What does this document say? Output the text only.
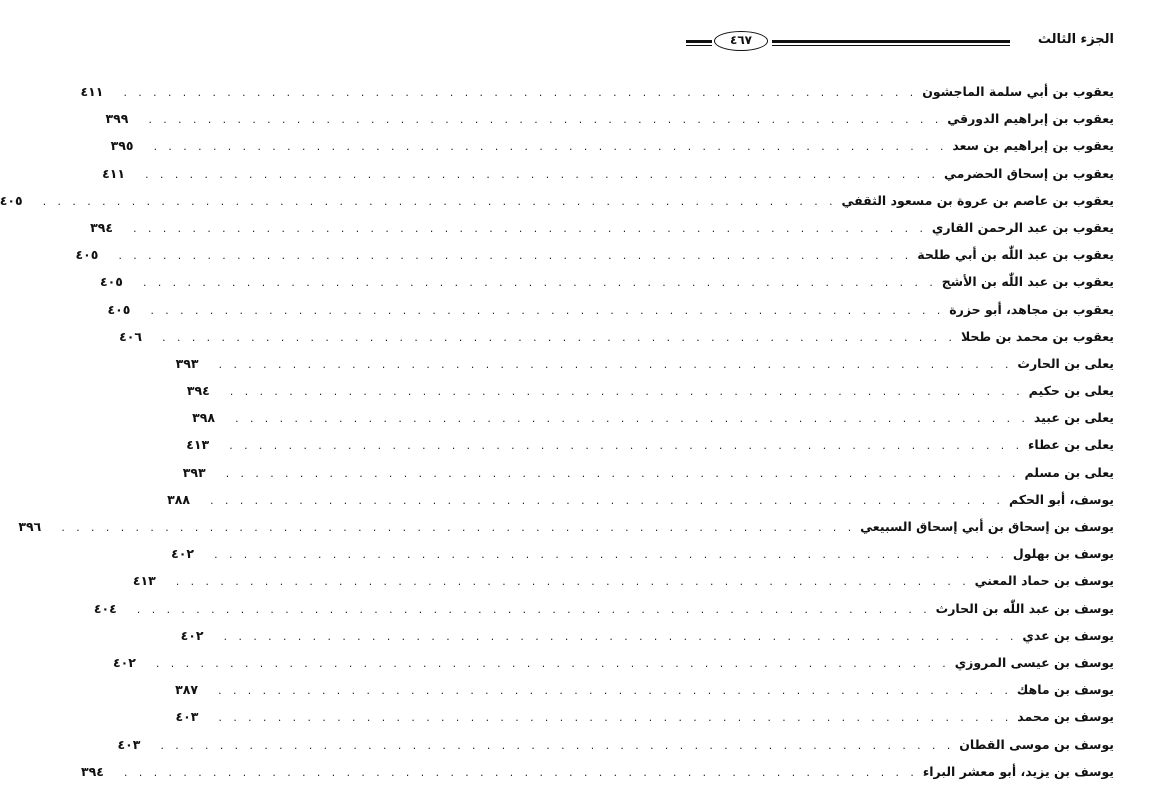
الجزء الثالث
٤٦٧
يعقوب بن أبي سلمة الماجشون
. . . . . . . . . . . . . . . . . . . . . . . . . . . . . . . . . . . . . . . . . . . . . . . . . . . . . .
٤١١
يعقوب بن إبراهيم الدورقي
. . . . . . . . . . . . . . . . . . . . . . . . . . . . . . . . . . . . . . . . . . . . . . . . . . . . . .
٣٩٩
يعقوب بن إبراهيم بن سعد
. . . . . . . . . . . . . . . . . . . . . . . . . . . . . . . . . . . . . . . . . . . . . . . . . . . . . .
٣٩٥
يعقوب بن إسحاق الحضرمي
. . . . . . . . . . . . . . . . . . . . . . . . . . . . . . . . . . . . . . . . . . . . . . . . . . . . . .
٤١١
يعقوب بن عاصم بن عروة بن مسعود الثقفي
. . . . . . . . . . . . . . . . . . . . . . . . . . . . . . . . . . . . . . . . . . . . . . . . . . . . . .
٤٠٥
يعقوب بن عبد الرحمن القاري
. . . . . . . . . . . . . . . . . . . . . . . . . . . . . . . . . . . . . . . . . . . . . . . . . . . . . .
٣٩٤
يعقوب بن عبد اللّٰه بن أبي طلحة
. . . . . . . . . . . . . . . . . . . . . . . . . . . . . . . . . . . . . . . . . . . . . . . . . . . . . .
٤٠٥
يعقوب بن عبد اللّٰه بن الأشج
. . . . . . . . . . . . . . . . . . . . . . . . . . . . . . . . . . . . . . . . . . . . . . . . . . . . . .
٤٠٥
يعقوب بن مجاهد، أبو حزرة
. . . . . . . . . . . . . . . . . . . . . . . . . . . . . . . . . . . . . . . . . . . . . . . . . . . . . .
٤٠٥
يعقوب بن محمد بن طحلا
. . . . . . . . . . . . . . . . . . . . . . . . . . . . . . . . . . . . . . . . . . . . . . . . . . . . . .
٤٠٦
يعلى بن الحارث
. . . . . . . . . . . . . . . . . . . . . . . . . . . . . . . . . . . . . . . . . . . . . . . . . . . . . .
٣٩٣
يعلى بن حكيم
. . . . . . . . . . . . . . . . . . . . . . . . . . . . . . . . . . . . . . . . . . . . . . . . . . . . . .
٣٩٤
يعلى بن عبيد
. . . . . . . . . . . . . . . . . . . . . . . . . . . . . . . . . . . . . . . . . . . . . . . . . . . . . .
٣٩٨
يعلى بن عطاء
. . . . . . . . . . . . . . . . . . . . . . . . . . . . . . . . . . . . . . . . . . . . . . . . . . . . . .
٤١٣
يعلى بن مسلم
. . . . . . . . . . . . . . . . . . . . . . . . . . . . . . . . . . . . . . . . . . . . . . . . . . . . . .
٣٩٣
يوسف، أبو الحكم
. . . . . . . . . . . . . . . . . . . . . . . . . . . . . . . . . . . . . . . . . . . . . . . . . . . . . .
٣٨٨
يوسف بن إسحاق بن أبي إسحاق السبيعي
. . . . . . . . . . . . . . . . . . . . . . . . . . . . . . . . . . . . . . . . . . . . . . . . . . . . . .
٣٩٦
يوسف بن بهلول
. . . . . . . . . . . . . . . . . . . . . . . . . . . . . . . . . . . . . . . . . . . . . . . . . . . . . .
٤٠٢
يوسف بن حماد المعني
. . . . . . . . . . . . . . . . . . . . . . . . . . . . . . . . . . . . . . . . . . . . . . . . . . . . . .
٤١٣
يوسف بن عبد اللّٰه بن الحارث
. . . . . . . . . . . . . . . . . . . . . . . . . . . . . . . . . . . . . . . . . . . . . . . . . . . . . .
٤٠٤
يوسف بن عدي
. . . . . . . . . . . . . . . . . . . . . . . . . . . . . . . . . . . . . . . . . . . . . . . . . . . . . .
٤٠٢
يوسف بن عيسى المروزي
. . . . . . . . . . . . . . . . . . . . . . . . . . . . . . . . . . . . . . . . . . . . . . . . . . . . . .
٤٠٢
يوسف بن ماهك
. . . . . . . . . . . . . . . . . . . . . . . . . . . . . . . . . . . . . . . . . . . . . . . . . . . . . .
٣٨٧
يوسف بن محمد
. . . . . . . . . . . . . . . . . . . . . . . . . . . . . . . . . . . . . . . . . . . . . . . . . . . . . .
٤٠٣
يوسف بن موسى القطان
. . . . . . . . . . . . . . . . . . . . . . . . . . . . . . . . . . . . . . . . . . . . . . . . . . . . . .
٤٠٣
يوسف بن يزيد، أبو معشر البراء
. . . . . . . . . . . . . . . . . . . . . . . . . . . . . . . . . . . . . . . . . . . . . . . . . . . . . .
٣٩٤
